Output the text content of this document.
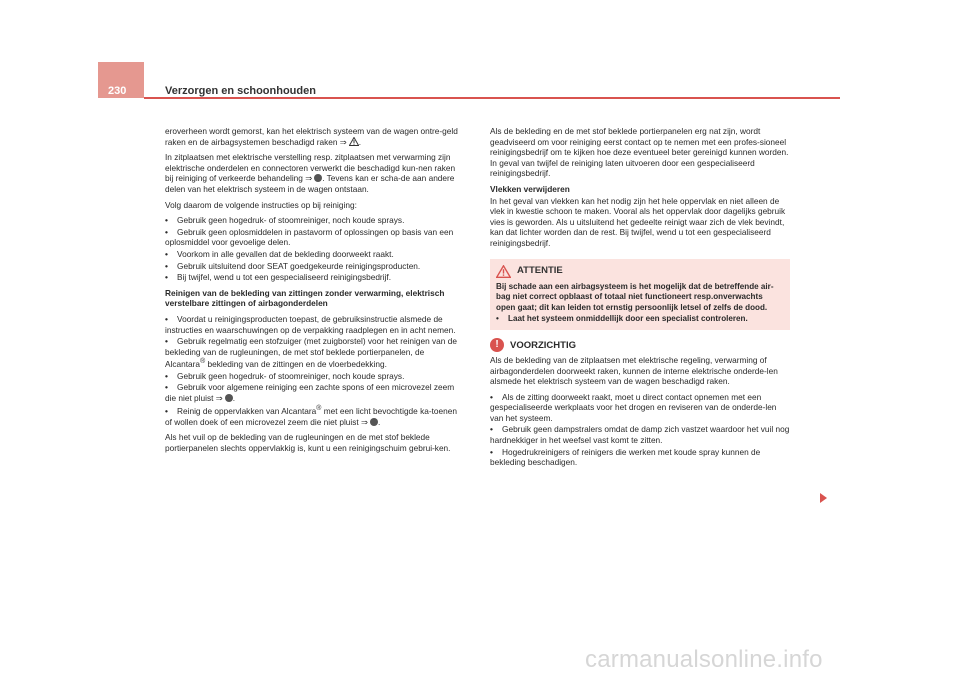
230	Verzorgen en schoonhouden

eroverheen wordt gemorst, kan het elektrisch systeem van de wagen ontre-geld raken en de airbagsystemen beschadigd raken ⇒ .

In zitplaatsen met elektrische verstelling resp. zitplaatsen met verwarming zijn elektrische onderdelen en connectoren verwerkt die beschadigd kun-nen raken bij reiniging of verkeerde behandeling ⇒ . Tevens kan er scha-de aan andere delen van het elektrisch systeem in de wagen ontstaan.

Volg daarom de volgende instructies op bij reiniging:

• Gebruik geen hogedruk- of stoomreiniger, noch koude sprays.

• Gebruik geen oplosmiddelen in pastavorm of oplossingen op basis van een oplosmiddel voor gevoelige delen.

• Voorkom in alle gevallen dat de bekleding doorweekt raakt.

• Gebruik uitsluitend door SEAT goedgekeurde reinigingsproducten.

• Bij twijfel, wend u tot een gespecialiseerd reinigingsbedrijf.

Reinigen van de bekleding van zittingen zonder verwarming, elektrisch verstelbare zittingen of airbagonderdelen

• Voordat u reinigingsproducten toepast, de gebruiksinstructie alsmede de instructies en waarschuwingen op de verpakking raadplegen en in acht nemen.

• Gebruik regelmatig een stofzuiger (met zuigborstel) voor het reinigen van de bekleding van de rugleuningen, de met stof beklede portierpanelen, de Alcantara® bekleding van de zittingen en de vloerbedekking.

• Gebruik geen hogedruk- of stoomreiniger, noch koude sprays.

• Gebruik voor algemene reiniging een zachte spons of een microvezel zeem die niet pluist ⇒ .

• Reinig de oppervlakken van Alcantara® met een licht bevochtigde ka-toenen of wollen doek of een microvezel zeem die niet pluist ⇒ .

Als het vuil op de bekleding van de rugleuningen en de met stof beklede portierpanelen slechts oppervlakkig is, kunt u een reinigingschuim gebrui-ken.

Als de bekleding en de met stof beklede portierpanelen erg nat zijn, wordt geadviseerd om voor reiniging eerst contact op te nemen met een profes-sioneel reinigingsbedrijf om te kijken hoe deze eventueel beter gereinigd kunnen worden. In geval van twijfel de reiniging laten uitvoeren door een gespecialiseerd reinigingsbedrijf.

Vlekken verwijderen

In het geval van vlekken kan het nodig zijn het hele oppervlak en niet alleen de vlek in kwestie schoon te maken. Vooral als het oppervlak door dagelijks gebruik vies is geworden. Als u uitsluitend het gedeelte reinigt waar zich de vlek bevindt, kan dat lichter worden dan de rest. Bij twijfel, wend u tot een gespecialiseerd reinigingsbedrijf.

ATTENTIE

Bij schade aan een airbagsysteem is het mogelijk dat de betreffende air-bag niet correct opblaast of totaal niet functioneert resp.onverwachts open gaat; dit kan leiden tot ernstig persoonlijk letsel of zelfs de dood.

• Laat het systeem onmiddellijk door een specialist controleren.

!	VOORZICHTIG

Als de bekleding van de zitplaatsen met elektrische regeling, verwarming of airbagonderdelen doorweekt raken, kunnen de interne elektrische onderde-len alsmede het elektrisch systeem van de wagen beschadigd raken.

• Als de zitting doorweekt raakt, moet u direct contact opnemen met een gespecialiseerde werkplaats voor het drogen en reviseren van de onderde-len van het systeem.

• Gebruik geen dampstralers omdat de damp zich vastzet waardoor het vuil nog hardnekkiger in het weefsel vast komt te zitten.

• Hogedrukreinigers of reinigers die werken met koude spray kunnen de bekleding beschadigen.

carmanualsonline.info
